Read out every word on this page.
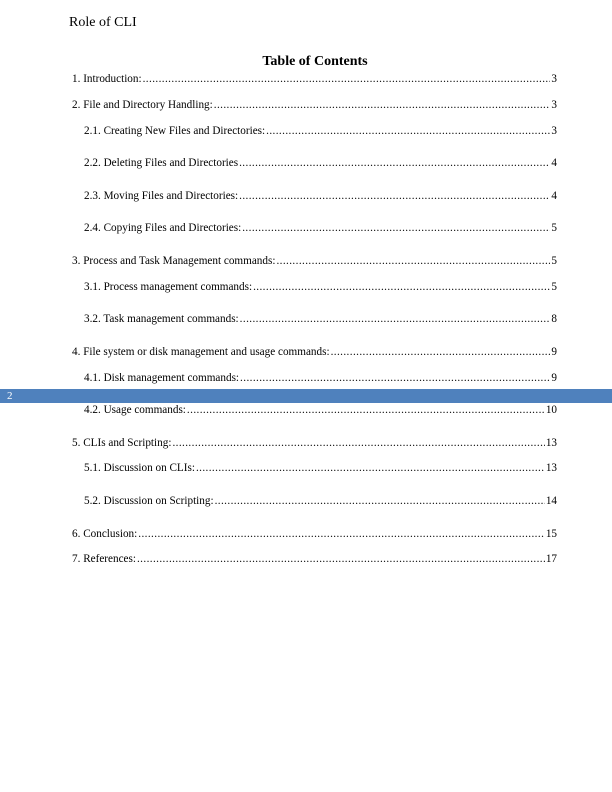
Role of CLI
Table of Contents
2
1. Introduction: .....	3
2. File and Directory Handling: .....	3
2.1. Creating New Files and Directories: .....	3
2.2. Deleting Files and Directories .....	4
2.3. Moving Files and Directories: .....	4
2.4. Copying Files and Directories: .....	5
3. Process and Task Management commands: .....	5
3.1. Process management commands: .....	5
3.2. Task management commands: .....	8
4. File system or disk management and usage commands: .....	9
4.1. Disk management commands: .....	9
4.2. Usage commands: .....	10
5. CLIs and Scripting: .....	13
5.1. Discussion on CLIs: .....	13
5.2. Discussion on Scripting: .....	14
6. Conclusion: .....	15
7. References: .....	17
